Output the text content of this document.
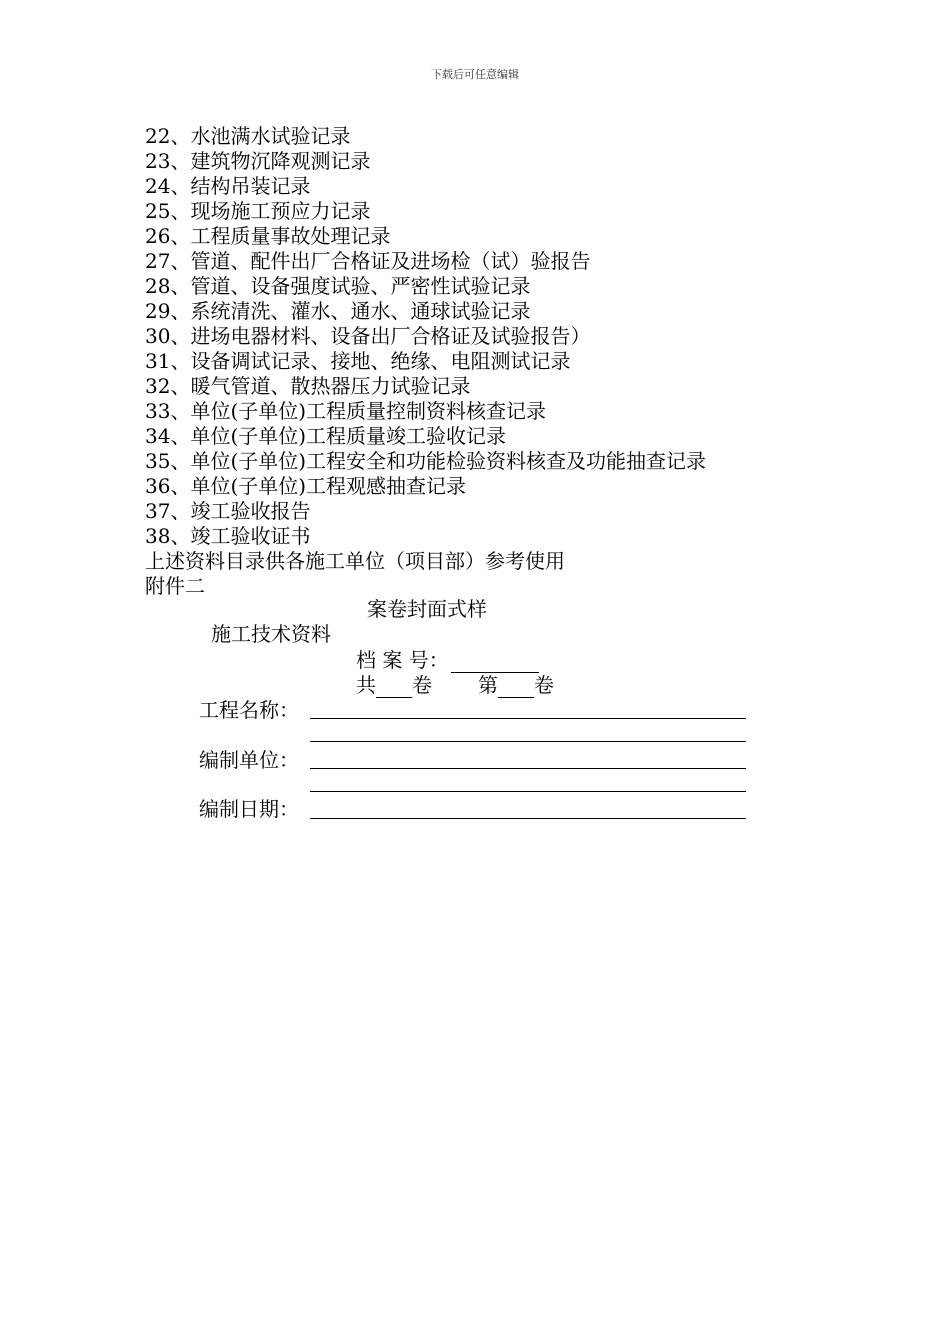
下载后可任意编辑
22、水池满水试验记录
23、建筑物沉降观测记录
24、结构吊装记录
25、现场施工预应力记录
26、工程质量事故处理记录
27、管道、配件出厂合格证及进场检（试）验报告
28、管道、设备强度试验、严密性试验记录
29、系统清洗、灌水、通水、通球试验记录
30、进场电器材料、设备出厂合格证及试验报告）
31、设备调试记录、接地、绝缘、电阻测试记录
32、暖气管道、散热器压力试验记录
33、单位(子单位)工程质量控制资料核查记录
34、单位(子单位)工程质量竣工验收记录
35、单位(子单位)工程安全和功能检验资料核查及功能抽查记录
36、单位(子单位)工程观感抽查记录
37、竣工验收报告
38、竣工验收证书
上述资料目录供各施工单位（项目部）参考使用
附件二
案卷封面式样
施工技术资料
档 案 号：
共 卷 第 卷
工程名称：
编制单位：
编制日期：
